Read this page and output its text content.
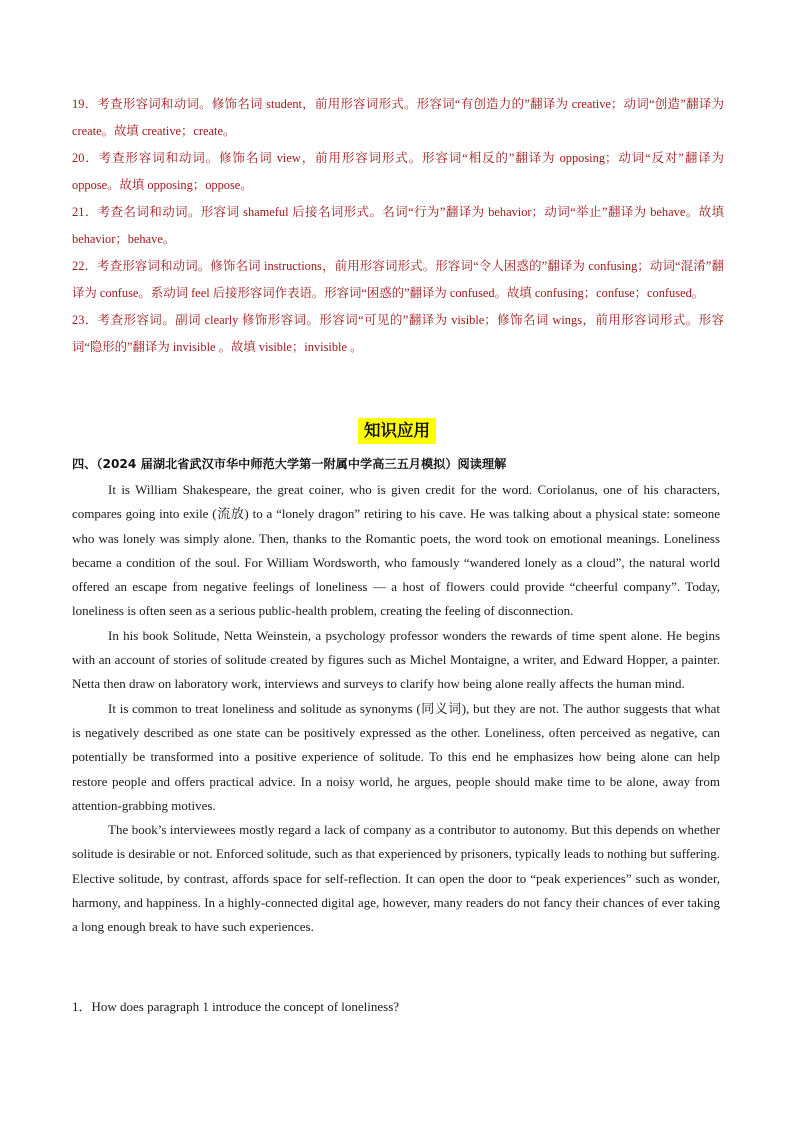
19．考查形容词和动词。修饰名词 student，前用形容词形式。形容词“有创造力的”翻译为 creative；动词“创造”翻译为 create。故填 creative；create。

20．考查形容词和动词。修饰名词 view，前用形容词形式。形容词“相反的”翻译为 opposing；动词“反对”翻译为 oppose。故填 opposing；oppose。

21．考查名词和动词。形容词 shameful 后接名词形式。名词“行为”翻译为 behavior；动词“举止”翻译为 behave。故填 behavior；behave。

22．考查形容词和动词。修饰名词 instructions，前用形容词形式。形容词“令人困惑的”翻译为 confusing；动词“混淆”翻译为 confuse。系动词 feel 后接形容词作表语。形容词“困惑的”翻译为 confused。故填 confusing；confuse；confused。

23．考查形容词。副词 clearly 修饰形容词。形容词“可见的”翻译为 visible；修饰名词 wings，前用形容词形式。形容词“隐形的”翻译为 invisible 。故填 visible；invisible 。

知识应用
四、（2024 届湖北省武汉市华中师范大学第一附属中学高三五月模拟）阅读理解

It is William Shakespeare, the great coiner, who is given credit for the word. Coriolanus, one of his characters, compares going into exile (流放) to a “lonely dragon” retiring to his cave. He was talking about a physical state: someone who was lonely was simply alone. Then, thanks to the Romantic poets, the word took on emotional meanings. Loneliness became a condition of the soul. For William Wordsworth, who famously “wandered lonely as a cloud”, the natural world offered an escape from negative feelings of loneliness — a host of flowers could provide “cheerful company”. Today, loneliness is often seen as a serious public-health problem, creating the feeling of disconnection.

In his book Solitude, Netta Weinstein, a psychology professor wonders the rewards of time spent alone. He begins with an account of stories of solitude created by figures such as Michel Montaigne, a writer, and Edward Hopper, a painter. Netta then draw on laboratory work, interviews and surveys to clarify how being alone really affects the human mind.

It is common to treat loneliness and solitude as synonyms (同义词), but they are not. The author suggests that what is negatively described as one state can be positively expressed as the other. Loneliness, often perceived as negative, can potentially be transformed into a positive experience of solitude. To this end he emphasizes how being alone can help restore people and offers practical advice. In a noisy world, he argues, people should make time to be alone, away from attention-grabbing motives.

The book’s interviewees mostly regard a lack of company as a contributor to autonomy. But this depends on whether solitude is desirable or not. Enforced solitude, such as that experienced by prisoners, typically leads to nothing but suffering. Elective solitude, by contrast, affords space for self-reflection. It can open the door to “peak experiences” such as wonder, harmony, and happiness. In a highly-connected digital age, however, many readers do not fancy their chances of ever taking a long enough break to have such experiences.

1．How does paragraph 1 introduce the concept of loneliness?
